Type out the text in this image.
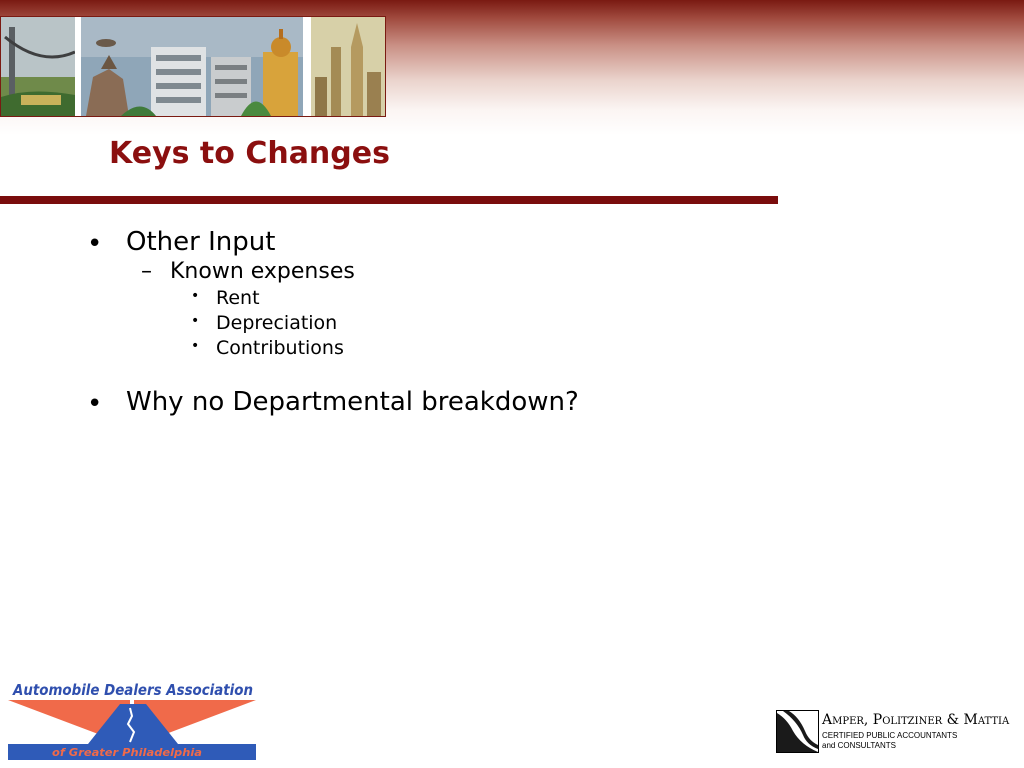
Keys to Changes
• Other Input
– Known expenses
• Rent
• Depreciation
• Contributions
• Why no Departmental breakdown?
Automobile Dealers Association
of Greater Philadelphia
Amper, Politziner & Mattia
CERTIFIED PUBLIC ACCOUNTANTS
and CONSULTANTS
